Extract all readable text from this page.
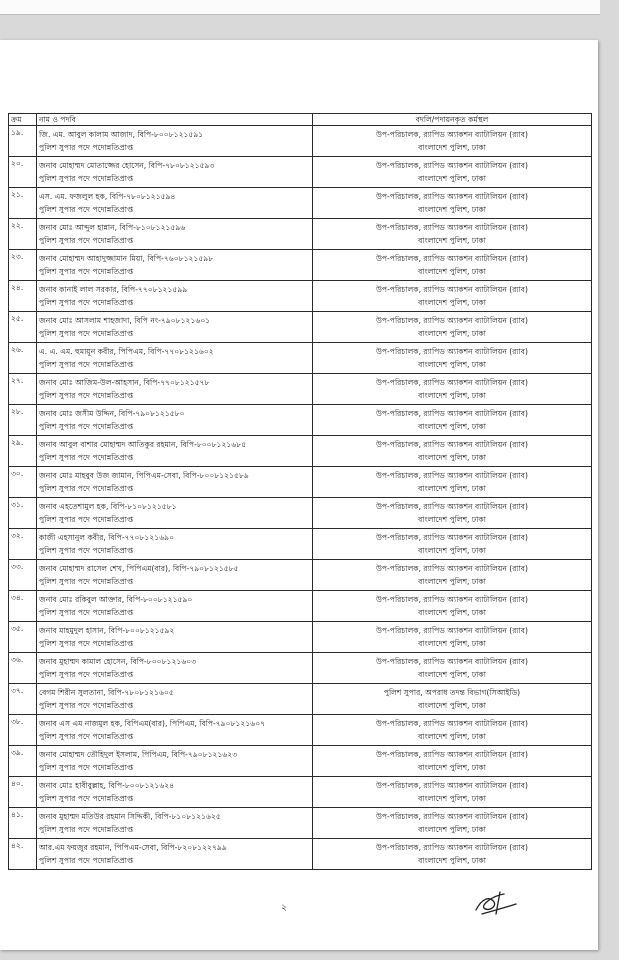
ক্রম	নাম ও পদবি	বদলি/পদায়নকৃত কর্মস্থল
১৯.	জি. এম. আবুল কালাম আজাদ, বিপি-৮০০৮১২১৫৯১
পুলিশ সুপার পদে পদোন্নতিপ্রাপ্ত	উপ-পরিচালক, র‍্যাপিড অ্যাকশন ব্যাটালিয়ন (র‍্যাব)
বাংলাদেশ পুলিশ, ঢাকা

২০.	জনাব মোহাম্মদ মোতাজ্জের হোসেন, বিপি-৭৮০৮১২১৫৯৩
পুলিশ সুপার পদে পদোন্নতিপ্রাপ্ত	উপ-পরিচালক, র‍্যাপিড অ্যাকশন ব্যাটালিয়ন (র‍্যাব)
বাংলাদেশ পুলিশ, ঢাকা

২১.	এস. এম. ফজলুল হক, বিপি-৭৮০৮১২১৫৯৪
পুলিশ সুপার পদে পদোন্নতিপ্রাপ্ত	উপ-পরিচালক, র‍্যাপিড অ্যাকশন ব্যাটালিয়ন (র‍্যাব)
বাংলাদেশ পুলিশ, ঢাকা

২২.	জনাব মোঃ আব্দুল হান্নান, বিপি-৮১০৮১২১৫৯৬
পুলিশ সুপার পদে পদোন্নতিপ্রাপ্ত	উপ-পরিচালক, র‍্যাপিড অ্যাকশন ব্যাটালিয়ন (র‍্যাব)
বাংলাদেশ পুলিশ, ঢাকা

২৩.	জনাব মোহাম্মদ আহাদুজ্জামান মিয়া, বিপি-৭৬০৮১২১৫৯৮
পুলিশ সুপার পদে পদোন্নতিপ্রাপ্ত	উপ-পরিচালক, র‍্যাপিড অ্যাকশন ব্যাটালিয়ন (র‍্যাব)
বাংলাদেশ পুলিশ, ঢাকা

২৪.	জনাব কানাই লাল সরকার, বিপি-৭৭০৮১২১৫৯৯
পুলিশ সুপার পদে পদোন্নতিপ্রাপ্ত	উপ-পরিচালক, র‍্যাপিড অ্যাকশন ব্যাটালিয়ন (র‍্যাব)
বাংলাদেশ পুলিশ, ঢাকা

২৫.	জনাব মোঃ আসলাম শাহজাদা, বিপি নং-৭৯০৮১২১৬০১
পুলিশ সুপার পদে পদোন্নতিপ্রাপ্ত	উপ-পরিচালক, র‍্যাপিড অ্যাকশন ব্যাটালিয়ন (র‍্যাব)
বাংলাদেশ পুলিশ, ঢাকা

২৬.	এ. এ. এম. হুমায়ূন কবীর, পিপিএম, বিপি-৭৭০৮১২১৬০২
পুলিশ সুপার পদে পদোন্নতিপ্রাপ্ত	উপ-পরিচালক, র‍্যাপিড অ্যাকশন ব্যাটালিয়ন (র‍্যাব)
বাংলাদেশ পুলিশ, ঢাকা

২৭.	জনাব মোঃ আজিম-উল-আহসান, বিপি-৭৭০৮১২১৫৭৮
পুলিশ সুপার পদে পদোন্নতিপ্রাপ্ত	উপ-পরিচালক, র‍্যাপিড অ্যাকশন ব্যাটালিয়ন (র‍্যাব)
বাংলাদেশ পুলিশ, ঢাকা

২৮.	জনাব মোঃ জসীম উদ্দিন, বিপি-৭৯০৮১২১৫৮০
পুলিশ সুপার পদে পদোন্নতিপ্রাপ্ত	উপ-পরিচালক, র‍্যাপিড অ্যাকশন ব্যাটালিয়ন (র‍্যাব)
বাংলাদেশ পুলিশ, ঢাকা

২৯.	জনাব আবুল বাশার মোহাম্মদ আতিকুর রহমান, বিপি-৮০০৮১২১৬৮৫
পুলিশ সুপার পদে পদোন্নতিপ্রাপ্ত	উপ-পরিচালক, র‍্যাপিড অ্যাকশন ব্যাটালিয়ন (র‍্যাব)
বাংলাদেশ পুলিশ, ঢাকা

৩০.	জনাব মোঃ মাহবুব উজ জামান, পিপিএম-সেবা, বিপি-৮০০৮১২১৫৮৯
পুলিশ সুপার পদে পদোন্নতিপ্রাপ্ত	উপ-পরিচালক, র‍্যাপিড অ্যাকশন ব্যাটালিয়ন (র‍্যাব)
বাংলাদেশ পুলিশ, ঢাকা

৩১.	জনাব এহতেশামুল হক, বিপি-৮১০৮১২১৫৮১
পুলিশ সুপার পদে পদোন্নতিপ্রাপ্ত	উপ-পরিচালক, র‍্যাপিড অ্যাকশন ব্যাটালিয়ন (র‍্যাব)
বাংলাদেশ পুলিশ, ঢাকা

৩২.	কাজী এহসানুল কবীর, বিপি-৭৭০৮১২১৬৯০
পুলিশ সুপার পদে পদোন্নতিপ্রাপ্ত	উপ-পরিচালক, র‍্যাপিড অ্যাকশন ব্যাটালিয়ন (র‍্যাব)
বাংলাদেশ পুলিশ, ঢাকা

৩৩.	জনাব মোহাম্মদ রাসেল শেখ, পিপিএম(বার), বিপি-৭৯০৮১২১৫৮৫
পুলিশ সুপার পদে পদোন্নতিপ্রাপ্ত	উপ-পরিচালক, র‍্যাপিড অ্যাকশন ব্যাটালিয়ন (র‍্যাব)
বাংলাদেশ পুলিশ, ঢাকা

৩৪.	জনাব মোঃ রকিবুল আক্তার, বিপি-৮০০৮১২১৫৯০
পুলিশ সুপার পদে পদোন্নতিপ্রাপ্ত	উপ-পরিচালক, র‍্যাপিড অ্যাকশন ব্যাটালিয়ন (র‍্যাব)
বাংলাদেশ পুলিশ, ঢাকা

৩৫.	জনাব মাহমুদুল হাসান, বিপি-৮০০৮১২১৫৯২
পুলিশ সুপার পদে পদোন্নতিপ্রাপ্ত	উপ-পরিচালক, র‍্যাপিড অ্যাকশন ব্যাটালিয়ন (র‍্যাব)
বাংলাদেশ পুলিশ, ঢাকা

৩৬.	জনাব মুহাম্মদ কামাল হোসেন, বিপি-৮০০৮১২১৬০৩
পুলিশ সুপার পদে পদোন্নতিপ্রাপ্ত	উপ-পরিচালক, র‍্যাপিড অ্যাকশন ব্যাটালিয়ন (র‍্যাব)
বাংলাদেশ পুলিশ, ঢাকা

৩৭.	বেগম শিরীন সুলতানা, বিপি-৭৮০৮১২১৬০৫
পুলিশ সুপার পদে পদোন্নতিপ্রাপ্ত	পুলিশ সুপার, অপরাধ তদন্ত বিভাগ(সিআইডি)
বাংলাদেশ পুলিশ, ঢাকা

৩৮.	জনাব এস এম নাজমুল হক, বিপিএম(বার), পিপিএম, বিপি-৭৯০৮১২১৬০৭
পুলিশ সুপার পদে পদোন্নতিপ্রাপ্ত	উপ-পরিচালক, র‍্যাপিড অ্যাকশন ব্যাটালিয়ন (র‍্যাব)
বাংলাদেশ পুলিশ, ঢাকা

৩৯.	জনাব মোহাম্মদ তৌহিদুল ইসলাম, পিপিএম, বিপি-৭৯০৮১২১৬২৩
পুলিশ সুপার পদে পদোন্নতিপ্রাপ্ত	উপ-পরিচালক, র‍্যাপিড অ্যাকশন ব্যাটালিয়ন (র‍্যাব)
বাংলাদেশ পুলিশ, ঢাকা

৪০.	জনাব মোঃ হাবীবুল্লাহ, বিপি-৮০০৮১২১৬২৪
পুলিশ সুপার পদে পদোন্নতিপ্রাপ্ত	উপ-পরিচালক, র‍্যাপিড অ্যাকশন ব্যাটালিয়ন (র‍্যাব)
বাংলাদেশ পুলিশ, ঢাকা

৪১.	জনাব মুহাম্মদ মতিউর রহমান সিদ্দিকী, বিপি-৮১০৮১২১৬২৫
পুলিশ সুপার পদে পদোন্নতিপ্রাপ্ত	উপ-পরিচালক, র‍্যাপিড অ্যাকশন ব্যাটালিয়ন (র‍্যাব)
বাংলাদেশ পুলিশ, ঢাকা

৪২.	আর.এম ফয়জুর রহমান, পিপিএম-সেবা, বিপি-৮২০৮১২২৭৯৯
পুলিশ সুপার পদে পদোন্নতিপ্রাপ্ত	উপ-পরিচালক, র‍্যাপিড অ্যাকশন ব্যাটালিয়ন (র‍্যাব)
বাংলাদেশ পুলিশ, ঢাকা
২
